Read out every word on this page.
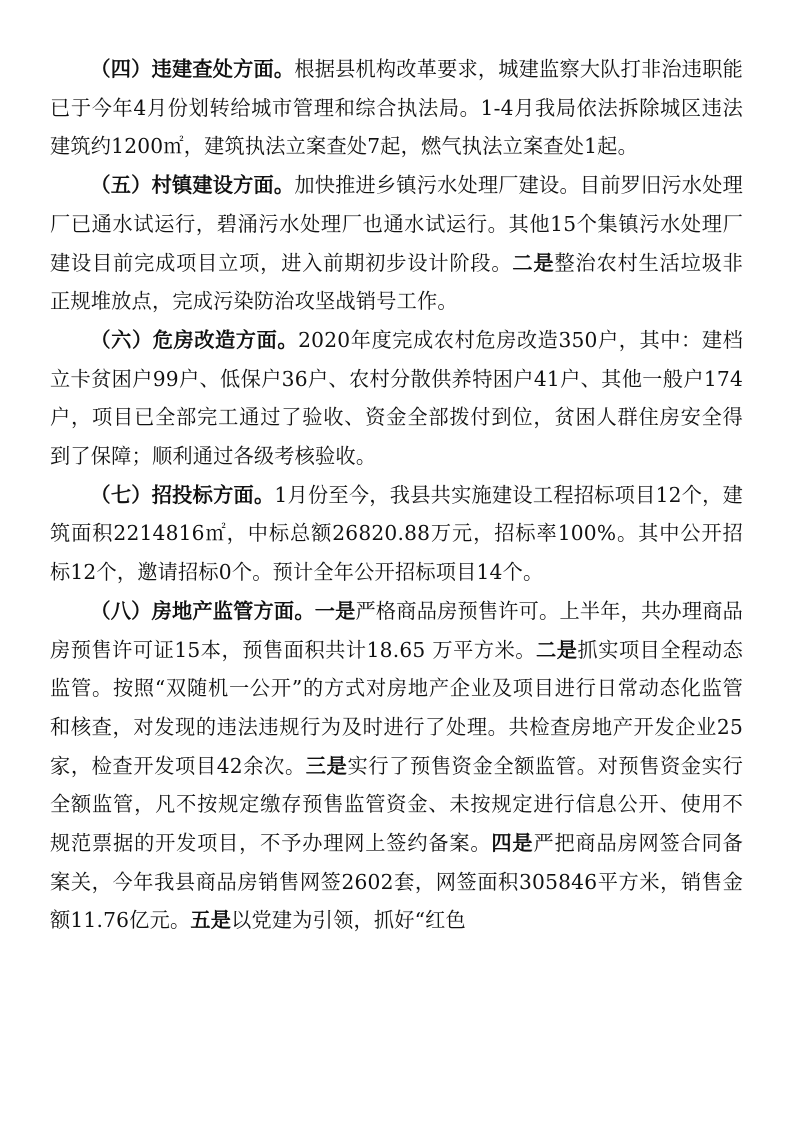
（四）违建查处方面。根据县机构改革要求，城建监察大队打非治违职能已于今年4月份划转给城市管理和综合执法局。1-4月我局依法拆除城区违法建筑约1200㎡，建筑执法立案查处7起，燃气执法立案查处1起。

（五）村镇建设方面。加快推进乡镇污水处理厂建设。目前罗旧污水处理厂已通水试运行，碧涌污水处理厂也通水试运行。其他15个集镇污水处理厂建设目前完成项目立项，进入前期初步设计阶段。二是整治农村生活垃圾非正规堆放点，完成污染防治攻坚战销号工作。

（六）危房改造方面。2020年度完成农村危房改造350户，其中：建档立卡贫困户99户、低保户36户、农村分散供养特困户41户、其他一般户174户，项目已全部完工通过了验收、资金全部拨付到位，贫困人群住房安全得到了保障；顺利通过各级考核验收。

（七）招投标方面。1月份至今，我县共实施建设工程招标项目12个，建筑面积2214816㎡，中标总额26820.88万元，招标率100%。其中公开招标12个，邀请招标0个。预计全年公开招标项目14个。

（八）房地产监管方面。一是严格商品房预售许可。上半年，共办理商品房预售许可证15本，预售面积共计18.65 万平方米。二是抓实项目全程动态监管。按照“双随机一公开”的方式对房地产企业及项目进行日常动态化监管和核查，对发现的违法违规行为及时进行了处理。共检查房地产开发企业25家，检查开发项目42余次。三是实行了预售资金全额监管。对预售资金实行全额监管，凡不按规定缴存预售监管资金、未按规定进行信息公开、使用不规范票据的开发项目，不予办理网上签约备案。四是严把商品房网签合同备案关，今年我县商品房销售网签2602套，网签面积305846平方米，销售金额11.76亿元。五是以党建为引领，抓好“红色
